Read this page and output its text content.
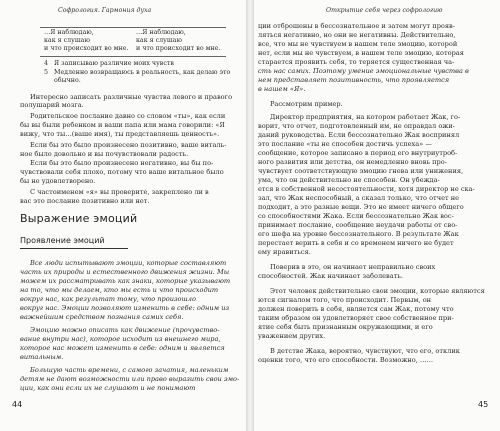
Софрология. Гармония духа
…Я наблюдаю,	…Я наблюдаю,
как я слушаю	как я слушаю
и что происходит во мне. и что происходит во мне.
4 Я записываю различие моих чувств
5 Медленно возвращаюсь в реальность, как делаю это
обычно.
Интересно записать различные чувства левого и правого
полушарий мозга.
Родительское послание давно со словом «ты», как если
бы вы были ребенком и ваши папа или мама говорили: «Я
вижу, что ты…(ваше имя), ты представляешь ценность».
Если бы это было произнесено позитивно, ваше виталь-
ное было довольно и вы почувствовали радость.
Если бы это было произнесено негативно, вы бы по-
чувствовали себя плохо, потому что ваше витальное было
бы не удовлетворено.
С частоименем «я» вы проверите, закреплено ли в
вас это послание позитивно или нет.
Выражение эмоций
Проявление эмоций
Все люди испытывают эмоции, которые составляют
часть их природы и естественного движения жизни. Мы
можем их рассматривать как знаки, которые указывают
на то, что мы делаем, кто мы есть и что происходит
вокруг нас, как результат тому, что произошло
вокруг нас. Эмоции позволяют изменить в себе: одним из
важнейшим средством познания самих себя.
Эмоцию можно описать как движение (прочувство-
вание внутри нас), которое исходит из внешнего мира,
которое нас может изменить в себе: одним и является
витальным.
Большую часть времени, с самого зачатия, маленьким
детям не дают возможности или право выразить свои эмо-
ции, как они если их не слушают и не понимают
44
Открытие себя через софрологию
ции отброшены в бессознательное и затем могут прояв-
ляться негативно, но они не негативны. Действительно,
все, что мы не чувствуем в нашем теле эмоцию, которой
нет, если мы не чувствуем, в нашем теле эмоцию, которая
старается проявить себя, то теряется существенная ча-
сть нас самих. Поэтому умение эмоциональные чувства в
нем представляет позитивность, что проявляется
в нашем «Я».
Рассмотрим пример.
Директор предприятия, на котором работает Жак, го-
ворит, что отчет, подготовленный им, не оправдал ожи-
даний руководства. Если бессознательно Жак воспринял
это послание «ты не способен достичь успеха» —
сообщение, которое записано в период его внутриутроб-
ного развития или детства, он немедленно вновь про-
чувствует соответствующую эмоцию гнева или унижения,
ума, что он действительно не способен. Он убежда-
ется в собственной несостоятельности, хотя директор не ска-
зал, что Жак неспособный, а сказал только, что отчет не
подходит, а это разные вещи. Это не имеет ничего общего
со способностями Жака. Если бессознательно Жак вос-
принимает послание, сообщение неудачи работы от сво-
его шефа на уровне бессознательного. В результате Жак
перестает верить в себя и со временем ничего не будет
ему нравиться.
Поверив в это, он начинает неправильно своих
способностей. Жак начинает заболевать.
Этот человек действительно свои эмоции, которые являются
ются сигналом того, что происходит. Первым, он
должен поверить в себя, является сам Жак, потому что
таким образом он удовлетворяет свое собственное при-
ятие себя быть признанным окружающими, и его
уважением других.
В детстве Жака, вероятно, чувствуют, что его, отклик
оценки того, что его способности. Возможно, ……
45
